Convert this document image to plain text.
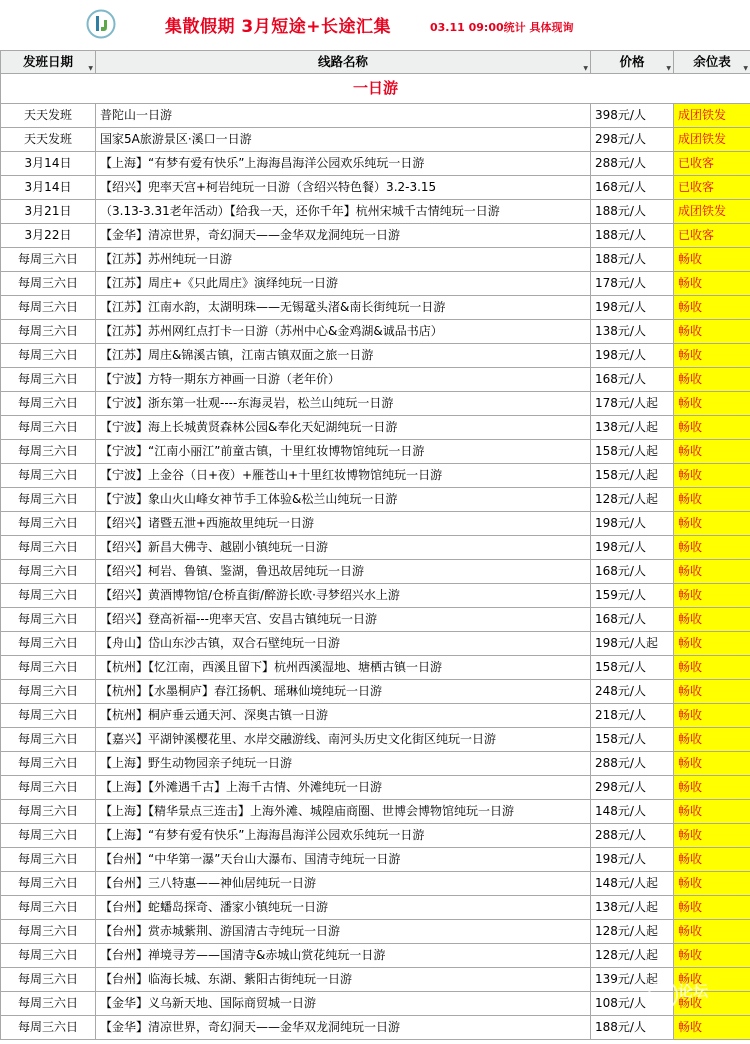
集散假期 3月短途+长途汇集	03.11 09:00统计 具体现询
发班日期 ▼	线路名称 ▼	价格 ▼	余位表 ▼

一日游			
天天发班	普陀山一日游	398元/人	成团铁发
天天发班	国家5A旅游景区·溪口一日游	298元/人	成团铁发
3月14日	【上海】“有梦有爱有快乐”上海海昌海洋公园欢乐纯玩一日游	288元/人	已收客
3月14日	【绍兴】兜率天宫+柯岩纯玩一日游（含绍兴特色餐）3.2-3.15	168元/人	已收客
3月21日	（3.13-3.31老年活动）【给我一天，还你千年】杭州宋城千古情纯玩一日游	188元/人	成团铁发
3月22日	【金华】清凉世界，奇幻洞天——金华双龙洞纯玩一日游	188元/人	已收客
每周三六日	【江苏】苏州纯玩一日游	188元/人	畅收
每周三六日	【江苏】周庄+《只此周庄》演绎纯玩一日游	178元/人	畅收
每周三六日	【江苏】江南水韵，太湖明珠——无锡鼋头渚&南长街纯玩一日游	198元/人	畅收
每周三六日	【江苏】苏州网红点打卡一日游（苏州中心&金鸡湖&诚品书店）	138元/人	畅收
每周三六日	【江苏】周庄&锦溪古镇，江南古镇双面之旅一日游	198元/人	畅收
每周三六日	【宁波】方特一期东方神画一日游（老年价）	168元/人	畅收
每周三六日	【宁波】浙东第一壮观----东海灵岩，松兰山纯玩一日游	178元/人起	畅收
每周三六日	【宁波】海上长城黄贤森林公园&奉化天妃湖纯玩一日游	138元/人起	畅收
每周三六日	【宁波】“江南小丽江”前童古镇，十里红妆博物馆纯玩一日游	158元/人起	畅收
每周三六日	【宁波】上金谷（日+夜）+雁苍山+十里红妆博物馆纯玩一日游	158元/人起	畅收
每周三六日	【宁波】象山火山峰女神节手工体验&松兰山纯玩一日游	128元/人起	畅收
每周三六日	【绍兴】诸暨五泄+西施故里纯玩一日游	198元/人	畅收
每周三六日	【绍兴】新昌大佛寺、越剧小镇纯玩一日游	198元/人	畅收
每周三六日	【绍兴】柯岩、鲁镇、鉴湖，鲁迅故居纯玩一日游	168元/人	畅收
每周三六日	【绍兴】黄酒博物馆/仓桥直街/醉游长欧·寻梦绍兴水上游	159元/人	畅收
每周三六日	【绍兴】登高祈福---兜率天宫、安昌古镇纯玩一日游	168元/人	畅收
每周三六日	【舟山】岱山东沙古镇，双合石壁纯玩一日游	198元/人起	畅收
每周三六日	【杭州】【忆江南，西溪且留下】杭州西溪湿地、塘栖古镇一日游	158元/人	畅收
每周三六日	【杭州】【水墨桐庐】春江扬帆、瑶琳仙境纯玩一日游	248元/人	畅收
每周三六日	【杭州】桐庐垂云通天河、深奥古镇一日游	218元/人	畅收
每周三六日	【嘉兴】平湖钟溪樱花里、水岸交融游线、南河头历史文化街区纯玩一日游	158元/人	畅收
每周三六日	【上海】野生动物园亲子纯玩一日游	288元/人	畅收
每周三六日	【上海】【外滩遇千古】上海千古情、外滩纯玩一日游	298元/人	畅收
每周三六日	【上海】【精华景点三连击】上海外滩、城隍庙商圈、世博会博物馆纯玩一日游	148元/人	畅收
每周三六日	【上海】“有梦有爱有快乐”上海海昌海洋公园欢乐纯玩一日游	288元/人	畅收
每周三六日	【台州】“中华第一瀑”天台山大瀑布、国清寺纯玩一日游	198元/人	畅收
每周三六日	【台州】三八特惠——神仙居纯玩一日游	148元/人起	畅收
每周三六日	【台州】蛇蟠岛探奇、潘家小镇纯玩一日游	138元/人起	畅收
每周三六日	【台州】赏赤城紫荆、游国清古寺纯玩一日游	128元/人起	畅收
每周三六日	【台州】禅境寻芳——国清寺&赤城山赏花纯玩一日游	128元/人起	畅收
每周三六日	【台州】临海长城、东湖、紫阳古街纯玩一日游	139元/人起	畅收
每周三六日	【金华】义乌新天地、国际商贸城一日游	108元/人	畅收
每周三六日	【金华】清凉世界，奇幻洞天——金华双龙洞纯玩一日游	188元/人	畅收
论坛
